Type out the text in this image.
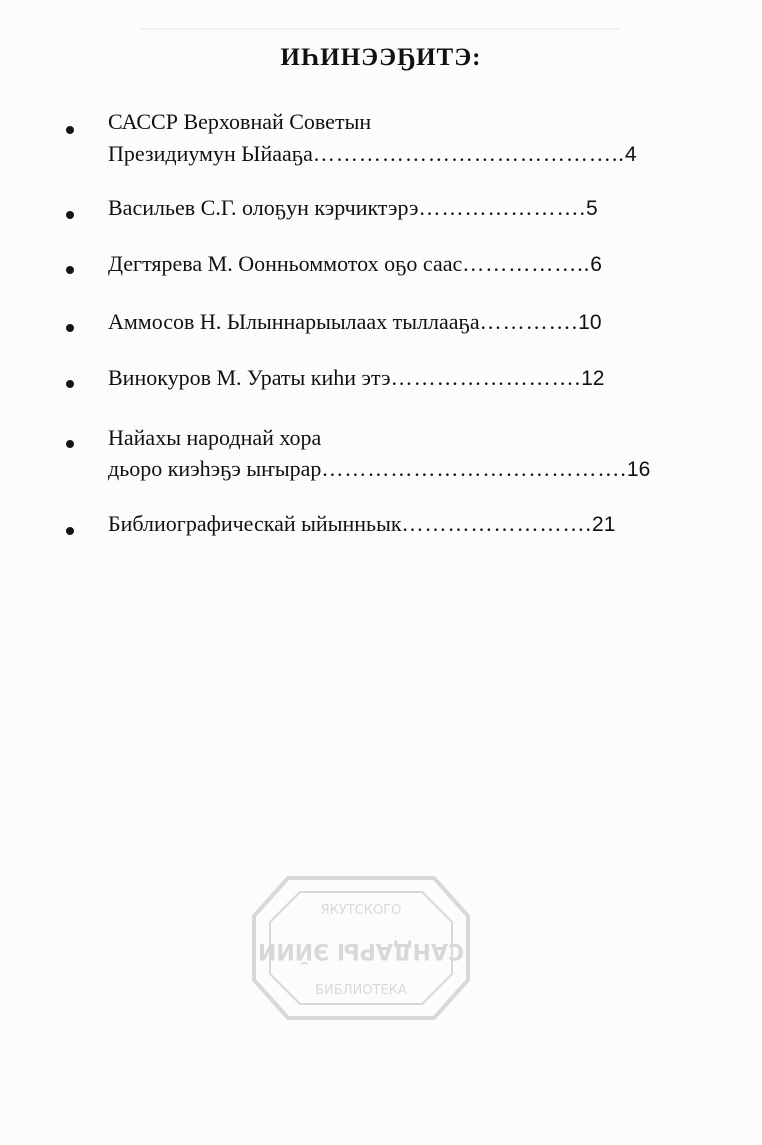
ИҺИНЭЭҔИТЭ:
САССР Верховнай Советын
Президиумун Ыйааҕа…………………………………..4
Васильев С.Г. олоҕун кэрчиктэрэ………………….5
Дегтярева М. Оонньоммотох оҕо саас……………..6
Аммосов Н. Ылыннарыылаах тыллааҕа………….10
Винокуров М. Ураты киһи этэ…………………….12
Найахы народнай хора
дьоро киэһэҕэ ыҥырар………………………………….16
Библиографическай ыйынньык…………………….21
ЯКУТСКОГО
САНДАРЫ ЭЙИИ
БИБЛИОТЕКА
